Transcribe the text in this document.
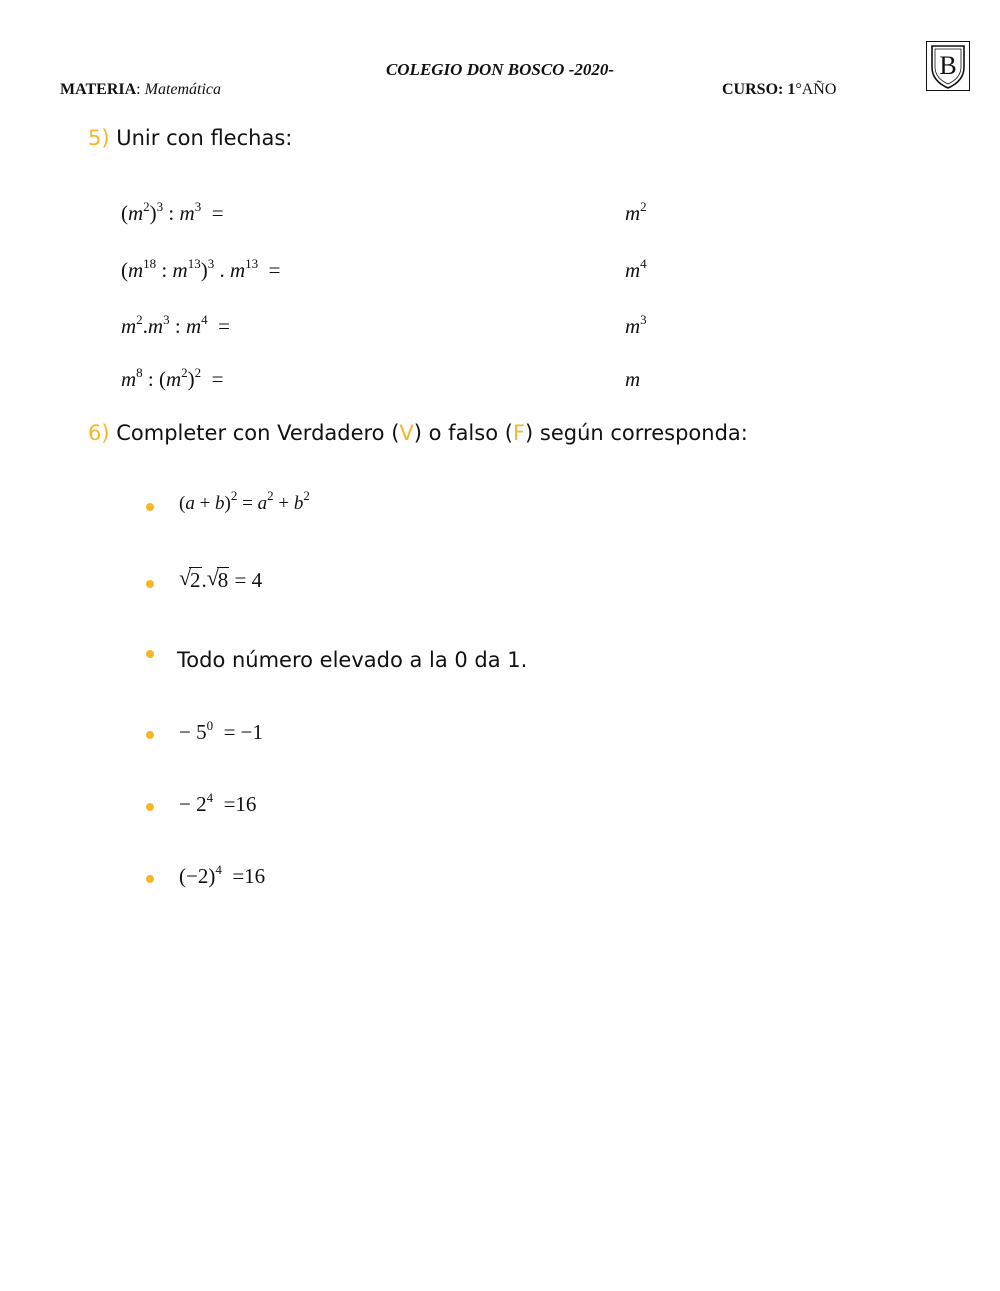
COLEGIO DON BOSCO -2020-
MATERIA: Matemática	CURSO: 1°AÑO
B
5) Unir con flechas:
$(m^2)^3$ : $m^3$  =
($m^{18}$ : $m^{13})^3$ . $m^{13}$  =
$m^2.m^3$ : $m^4$  =
$m^8$ : $(m^2)^2$  =
$m^2$
$m^4$
$m^3$
m
6) Completer con Verdadero (V) o falso (F) según corresponda:
$(a + b)^2 = a^2 + b^2$
√
2. √
8 = 4
Todo número elevado a la 0 da 1.
− $5^0 = -1$
− $2^4 =16$
$(-2)^4 =16$
